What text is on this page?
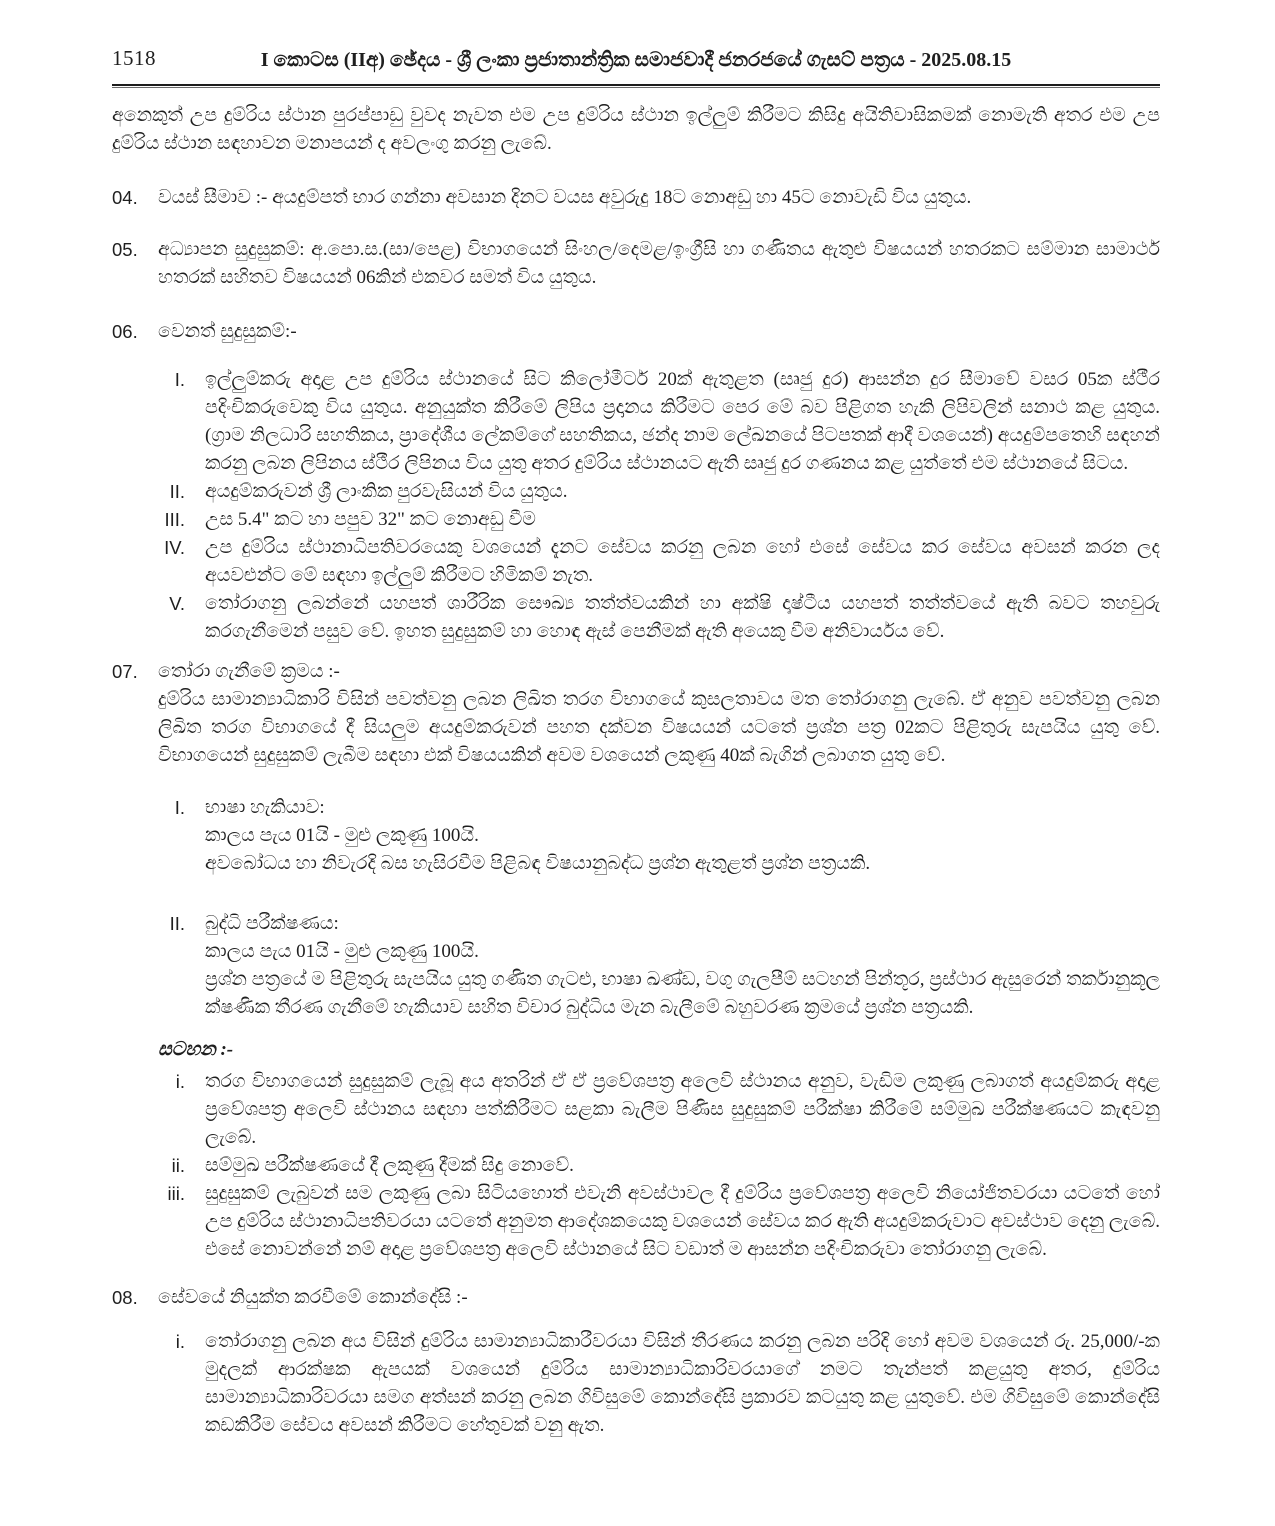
1518	I කොටස (IIඅ) ඡේදය - ශ්‍රී ලංකා ප්‍රජාතාන්ත්‍රික සමාජවාදී ජනරජයේ ගැසට් පත්‍රය - 2025.08.15

අනෙකුත් උප දුම්රිය ස්ථාන පුරප්පාඩු වුවද නැවත එම උප දුම්රිය ස්ථාන ඉල්ලුම් කිරීමට කිසිදු අයිතිවාසිකමක් නොමැති අතර එම උප දුම්රිය ස්ථාන සඳහාවන මනාපයන් ද අවලංගු කරනු ලැබේ.

04.	වයස් සීමාව :- අයදුම්පත් භාර ගන්නා අවසාන දිනට වයස අවුරුදු 18ට නොඅඩු හා 45ට නොවැඩි විය යුතුය.

05.	අධ්‍යාපන සුදුසුකම්: අ.පො.ස.(සා/පෙළ) විභාගයෙන් සිංහල/දෙමළ/ඉංග්‍රීසි හා ගණිතය ඇතුළු විෂයයන් හතරකට සම්මාන සාමාර්ථ හතරක් සහිතව විෂයයන් 06කින් එකවර සමත් විය යුතුය.

06.	වෙනත් සුදුසුකම්:-

I. ඉල්ලුම්කරු අදාළ උප දුම්රිය ස්ථානයේ සිට කිලෝමීටර් 20ක් ඇතුළත (සෘජු දුර) ආසන්න දුර සීමාවේ වසර 05ක ස්ථීර පදිංචිකරුවෙකු විය යුතුය. අනුයුක්ත කිරීමේ ලිපිය ප්‍රදානය කිරීමට පෙර මේ බව පිළිගත හැකි ලිපිවලින් සනාථ කළ යුතුය. (ග්‍රාම නිලධාරි සහතිකය, ප්‍රාදේශීය ලේකම්ගේ සහතිකය, ඡන්ද නාම ලේඛනයේ පිටපතක් ආදී වශයෙන්) අයදුම්පතෙහි සඳහන් කරනු ලබන ලිපිනය ස්ථීර ලිපිනය විය යුතු අතර දුම්රිය ස්ථානයට ඇති සෘජු දුර ගණනය කළ යුත්තේ එම ස්ථානයේ සිටය.

II. අයදුම්කරුවන් ශ්‍රී ලාංකික පුරවැසියන් විය යුතුය.

III. උස 5.4" කට හා පපුව 32" කට නොඅඩු වීම

IV. උප දුම්රිය ස්ථානාධිපතිවරයෙකු වශයෙන් දැනට සේවය කරනු ලබන හෝ එසේ සේවය කර සේවය අවසන් කරන ලද අයවළුන්ට මේ සඳහා ඉල්ලුම් කිරීමට හිමිකම් නැත.

V. තෝරාගනු ලබන්නේ යහපත් ශාරීරික සෞඛ්‍ය තත්ත්වයකින් හා අක්ෂි දෘෂ්ටීය යහපත් තත්ත්වයේ ඇති බවට තහවුරු කරගැනීමෙන් පසුව වේ. ඉහත සුදුසුකම් හා හොඳ ඇස් පෙනීමක් ඇති අයෙකු වීම අනිවාර්යය වේ.

07.	තෝරා ගැනීමේ ක්‍රමය :-

දුම්රිය සාමාන්‍යාධිකාරි විසින් පවත්වනු ලබන ලිඛිත තරග විභාගයේ කුසලතාවය මත තෝරාගනු ලැබේ. ඒ අනුව පවත්වනු ලබන ලිඛිත තරග විභාගයේ දී සියලුම අයදුම්කරුවන් පහත දක්වන විෂයයන් යටතේ ප්‍රශ්න පත්‍ර 02කට පිළිතුරු සැපයිය යුතු වේ. විභාගයෙන් සුදුසුකම් ලැබීම සඳහා එක් විෂයයකින් අවම වශයෙන් ලකුණු 40ක් බැගින් ලබාගත යුතු වේ.

I. භාෂා හැකියාව:

කාලය පැය 01යි - මුළු ලකුණු 100යි.

අවබෝධය හා නිවැරදි බස හැසිරවීම පිළිබඳ විෂයානුබද්ධ ප්‍රශ්න ඇතුළත් ප්‍රශ්න පත්‍රයකි.

II. බුද්ධි පරීක්ෂණය:

කාලය පැය 01යි - මුළු ලකුණු 100යි.

ප්‍රශ්න පත්‍රයේ ම පිළිතුරු සැපයිය යුතු ගණිත ගැටළු, භාෂා ඛණ්ඩ, වගු ගැලපීම් සටහන් පින්තූර, ප්‍රස්ථාර ඇසුරෙන් තර්කානුකූල ක්ෂණික තීරණ ගැනීමේ හැකියාව සහිත විචාර බුද්ධිය මැන බැලීමේ බහුවරණ ක්‍රමයේ ප්‍රශ්න පත්‍රයකි.

සටහන :-

i. තරග විභාගයෙන් සුදුසුකම් ලැබූ අය අතරින් ඒ ඒ ප්‍රවේශපත්‍ර අලෙවි ස්ථානය අනුව, වැඩිම ලකුණු ලබාගත් අයදුම්කරු අදාළ ප්‍රවේශපත්‍ර අලෙවි ස්ථානය සඳහා පත්කිරීමට සළකා බැලීම පිණිස සුදුසුකම් පරීක්ෂා කිරීමේ සම්මුඛ පරීක්ෂණයට කැඳවනු ලැබේ.

ii. සම්මුඛ පරීක්ෂණයේ දී ලකුණු දීමක් සිදු නොවේ.

iii. සුදුසුකම් ලැබුවන් සම ලකුණු ලබා සිටියහොත් එවැනි අවස්ථාවල දී දුම්රිය ප්‍රවේශපත්‍ර අලෙවි නියෝජිතවරයා යටතේ හෝ උප දුම්රිය ස්ථානාධිපතිවරයා යටතේ අනුමත ආදේශකයෙකු වශයෙන් සේවය කර ඇති අයදුම්කරුවාට අවස්ථාව දෙනු ලැබේ. එසේ නොවන්නේ නම් අදාළ ප්‍රවේශපත්‍ර අලෙවි ස්ථානයේ සිට වඩාත් ම ආසන්න පදිංචිකරුවා තෝරාගනු ලැබේ.

08.	සේවයේ නියුක්ත කරවීමේ කොන්දේසි :-

i. තෝරාගනු ලබන අය විසින් දුම්රිය සාමාන්‍යාධිකාරීවරයා විසින් තීරණය කරනු ලබන පරිදි හෝ අවම වශයෙන් රු. 25,000/-ක මුදලක් ආරක්ෂක ඇපයක් වශයෙන් දුම්රිය සාමාන්‍යාධිකාරිවරයාගේ නමට තැන්පත් කළයුතු අතර, දුම්රිය සාමාන්‍යාධිකාරිවරයා සමග අත්සන් කරනු ලබන ගිවිසුමේ කොන්දේසි ප්‍රකාරව කටයුතු කළ යුතුවේ. එම ගිවිසුමේ කොන්දේසි කඩකිරීම සේවය අවසන් කිරීමට හේතුවක් වනු ඇත.
